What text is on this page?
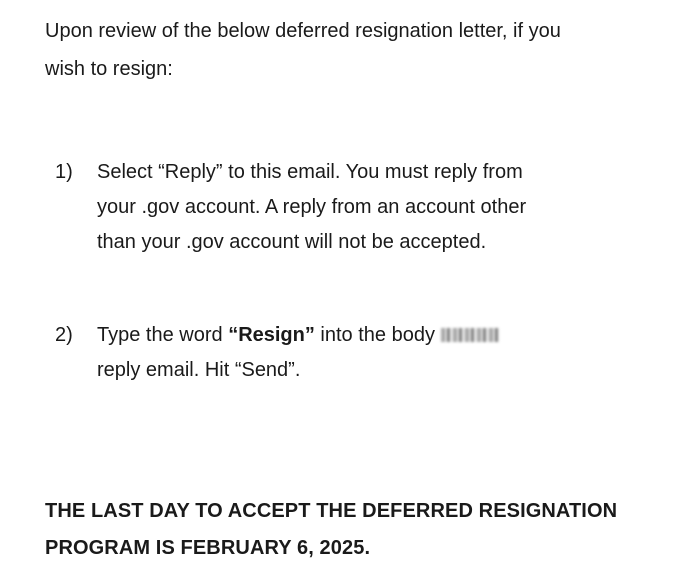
Upon review of the below deferred resignation letter, if you wish to resign:
1)	Select “Reply” to this email. You must reply from your .gov account. A reply from an account other than your .gov account will not be accepted.
2)	Type the word “Resign” into the body
reply email. Hit “Send”.
THE LAST DAY TO ACCEPT THE DEFERRED RESIGNATION PROGRAM IS FEBRUARY 6, 2025.
